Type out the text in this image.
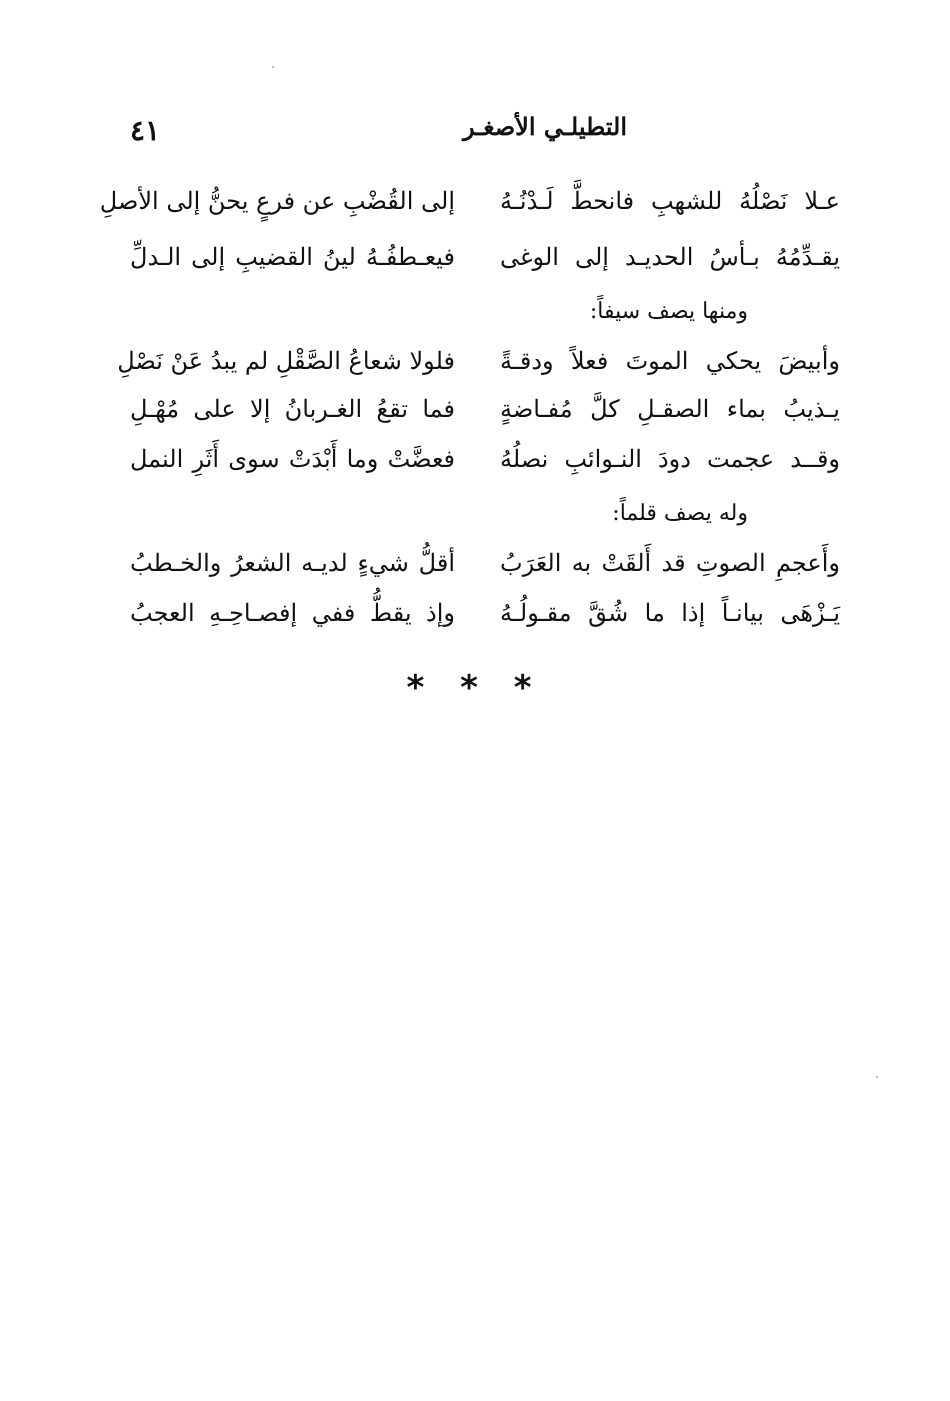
التطيلـي الأصغـر
٤١
عـلا نَصْلُهُ للشهبِ فانحطَّ لَـدْنُـهُ
إلى القُضْبِ عن فرعٍ يحنُّ إلى الأصلِ
يقـدِّمُهُ بـأسُ الحديـد إلى الوغى
فيعـطفُـهُ لينُ القضيبِ إلى الـدلِّ
ومنها يصف سيفاً:
وأبيضَ يحكي الموتَ فعلاً ودقـةً
فلولا شعاعُ الصَّقْلِ لم يبدُ عَنْ نَصْلِ
يـذيبُ بماء الصقـلِ كلَّ مُفـاضةٍ
فما تقعُ الغـربانُ إلا على مُهْـلِ
وقــد عجمت دودَ النـوائبِ نصلُهُ
فعضَّتْ وما أَبْدَتْ سوى أَثَرِ النمل
وله يصف قلماً:
وأَعجمِ الصوتِ قد أَلقَتْ به العَرَبُ
أقلُّ شيءٍ لديـه الشعرُ والخـطبُ
يَـزْهَى بيانـاً إذا ما شُقَّ مقـولُـهُ
وإذ يقطُّ ففي إفصـاحِـهِ العجبُ
* * *
